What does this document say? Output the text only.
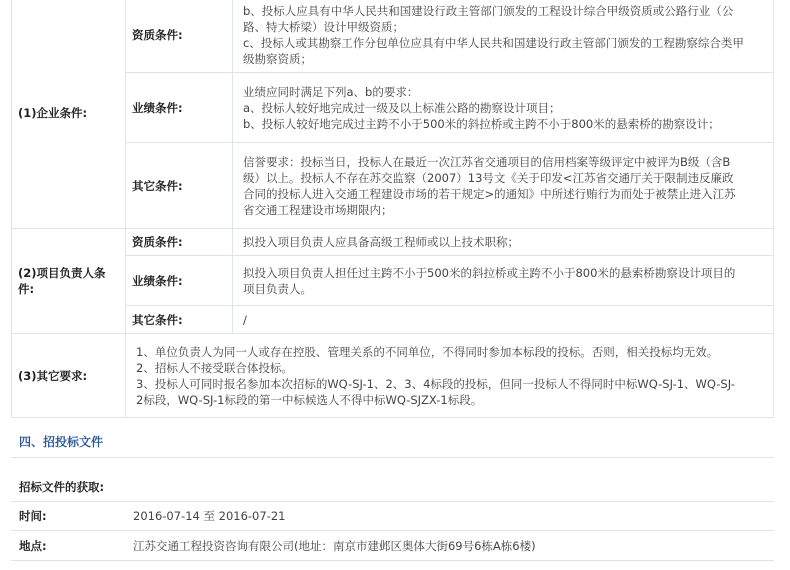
(1)企业条件:	资质条件:	b、投标人应具有中华人民共和国建设行政主管部门颁发的工程设计综合甲级资质或公路行业（公
路、特大桥梁）设计甲级资质；
c、投标人或其勘察工作分包单位应具有中华人民共和国建设行政主管部门颁发的工程勘察综合类甲
级勘察资质；

	业绩条件:	业绩应同时满足下列a、b的要求：
a、投标人较好地完成过一级及以上标准公路的勘察设计项目；
b、投标人较好地完成过主跨不小于500米的斜拉桥或主跨不小于800米的悬索桥的勘察设计；

	其它条件:	信誉要求：投标当日，投标人在最近一次江苏省交通项目的信用档案等级评定中被评为B级（含B
级）以上。投标人不存在苏交监察（2007）13号文《关于印发<江苏省交通厅关于限制违反廉政
合同的投标人进入交通工程建设市场的若干规定>的通知》中所述行贿行为而处于被禁止进入江苏
省交通工程建设市场期限内；

(2)项目负责人条件:	资质条件:	拟投入项目负责人应具备高级工程师或以上技术职称；

	业绩条件:	拟投入项目负责人担任过主跨不小于500米的斜拉桥或主跨不小于800米的悬索桥勘察设计项目的
项目负责人。

	其它条件:	/

(3)其它要求:	1、单位负责人为同一人或存在控股、管理关系的不同单位，不得同时参加本标段的投标。否则，相关投标均无效。
2、招标人不接受联合体投标。
3、投标人可同时报名参加本次招标的WQ-SJ-1、2、3、4标段的投标，但同一投标人不得同时中标WQ-SJ-1、WQ-SJ-
2标段，WQ-SJ-1标段的第一中标候选人不得中标WQ-SJZX-1标段。	
四、招投标文件
招标文件的获取:
时间:	2016-07-14 至 2016-07-21
地点:	江苏交通工程投资咨询有限公司(地址：南京市建邺区奥体大街69号6栋A栋6楼)
